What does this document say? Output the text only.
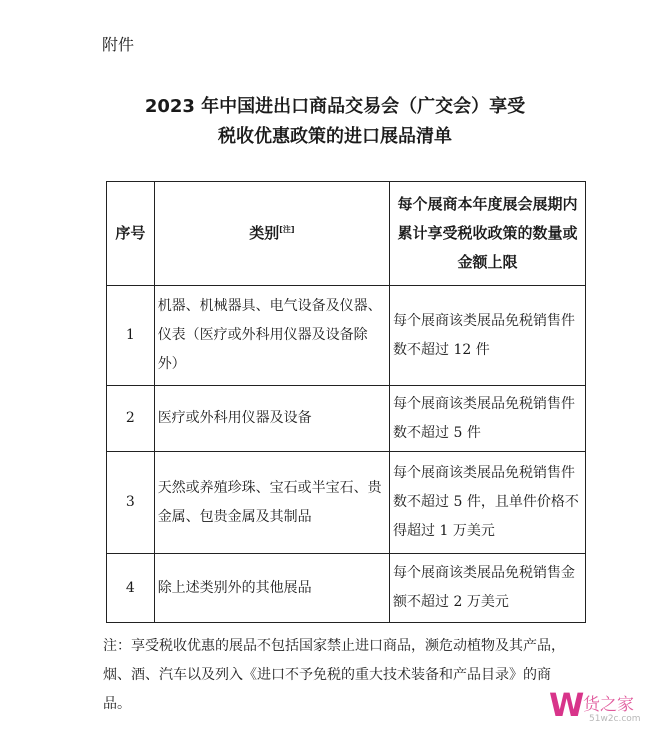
附件
2023 年中国进出口商品交易会（广交会）享受
税收优惠政策的进口展品清单
序号	类别[注]	每个展商本年度展会展期内累计享受税收政策的数量或金额上限
1	机器、机械器具、电气设备及仪器、仪表（医疗或外科用仪器及设备除外）	每个展商该类展品免税销售件数不超过 12 件
2	医疗或外科用仪器及设备	每个展商该类展品免税销售件数不超过 5 件
3	天然或养殖珍珠、宝石或半宝石、贵金属、包贵金属及其制品	每个展商该类展品免税销售件数不超过 5 件，且单件价格不得超过 1 万美元
4	除上述类别外的其他展品	每个展商该类展品免税销售金额不超过 2 万美元
注：享受税收优惠的展品不包括国家禁止进口商品，濒危动植物及其产品，烟、酒、汽车以及列入《进口不予免税的重大技术装备和产品目录》的商品。	W
货之家
51w2c.com
